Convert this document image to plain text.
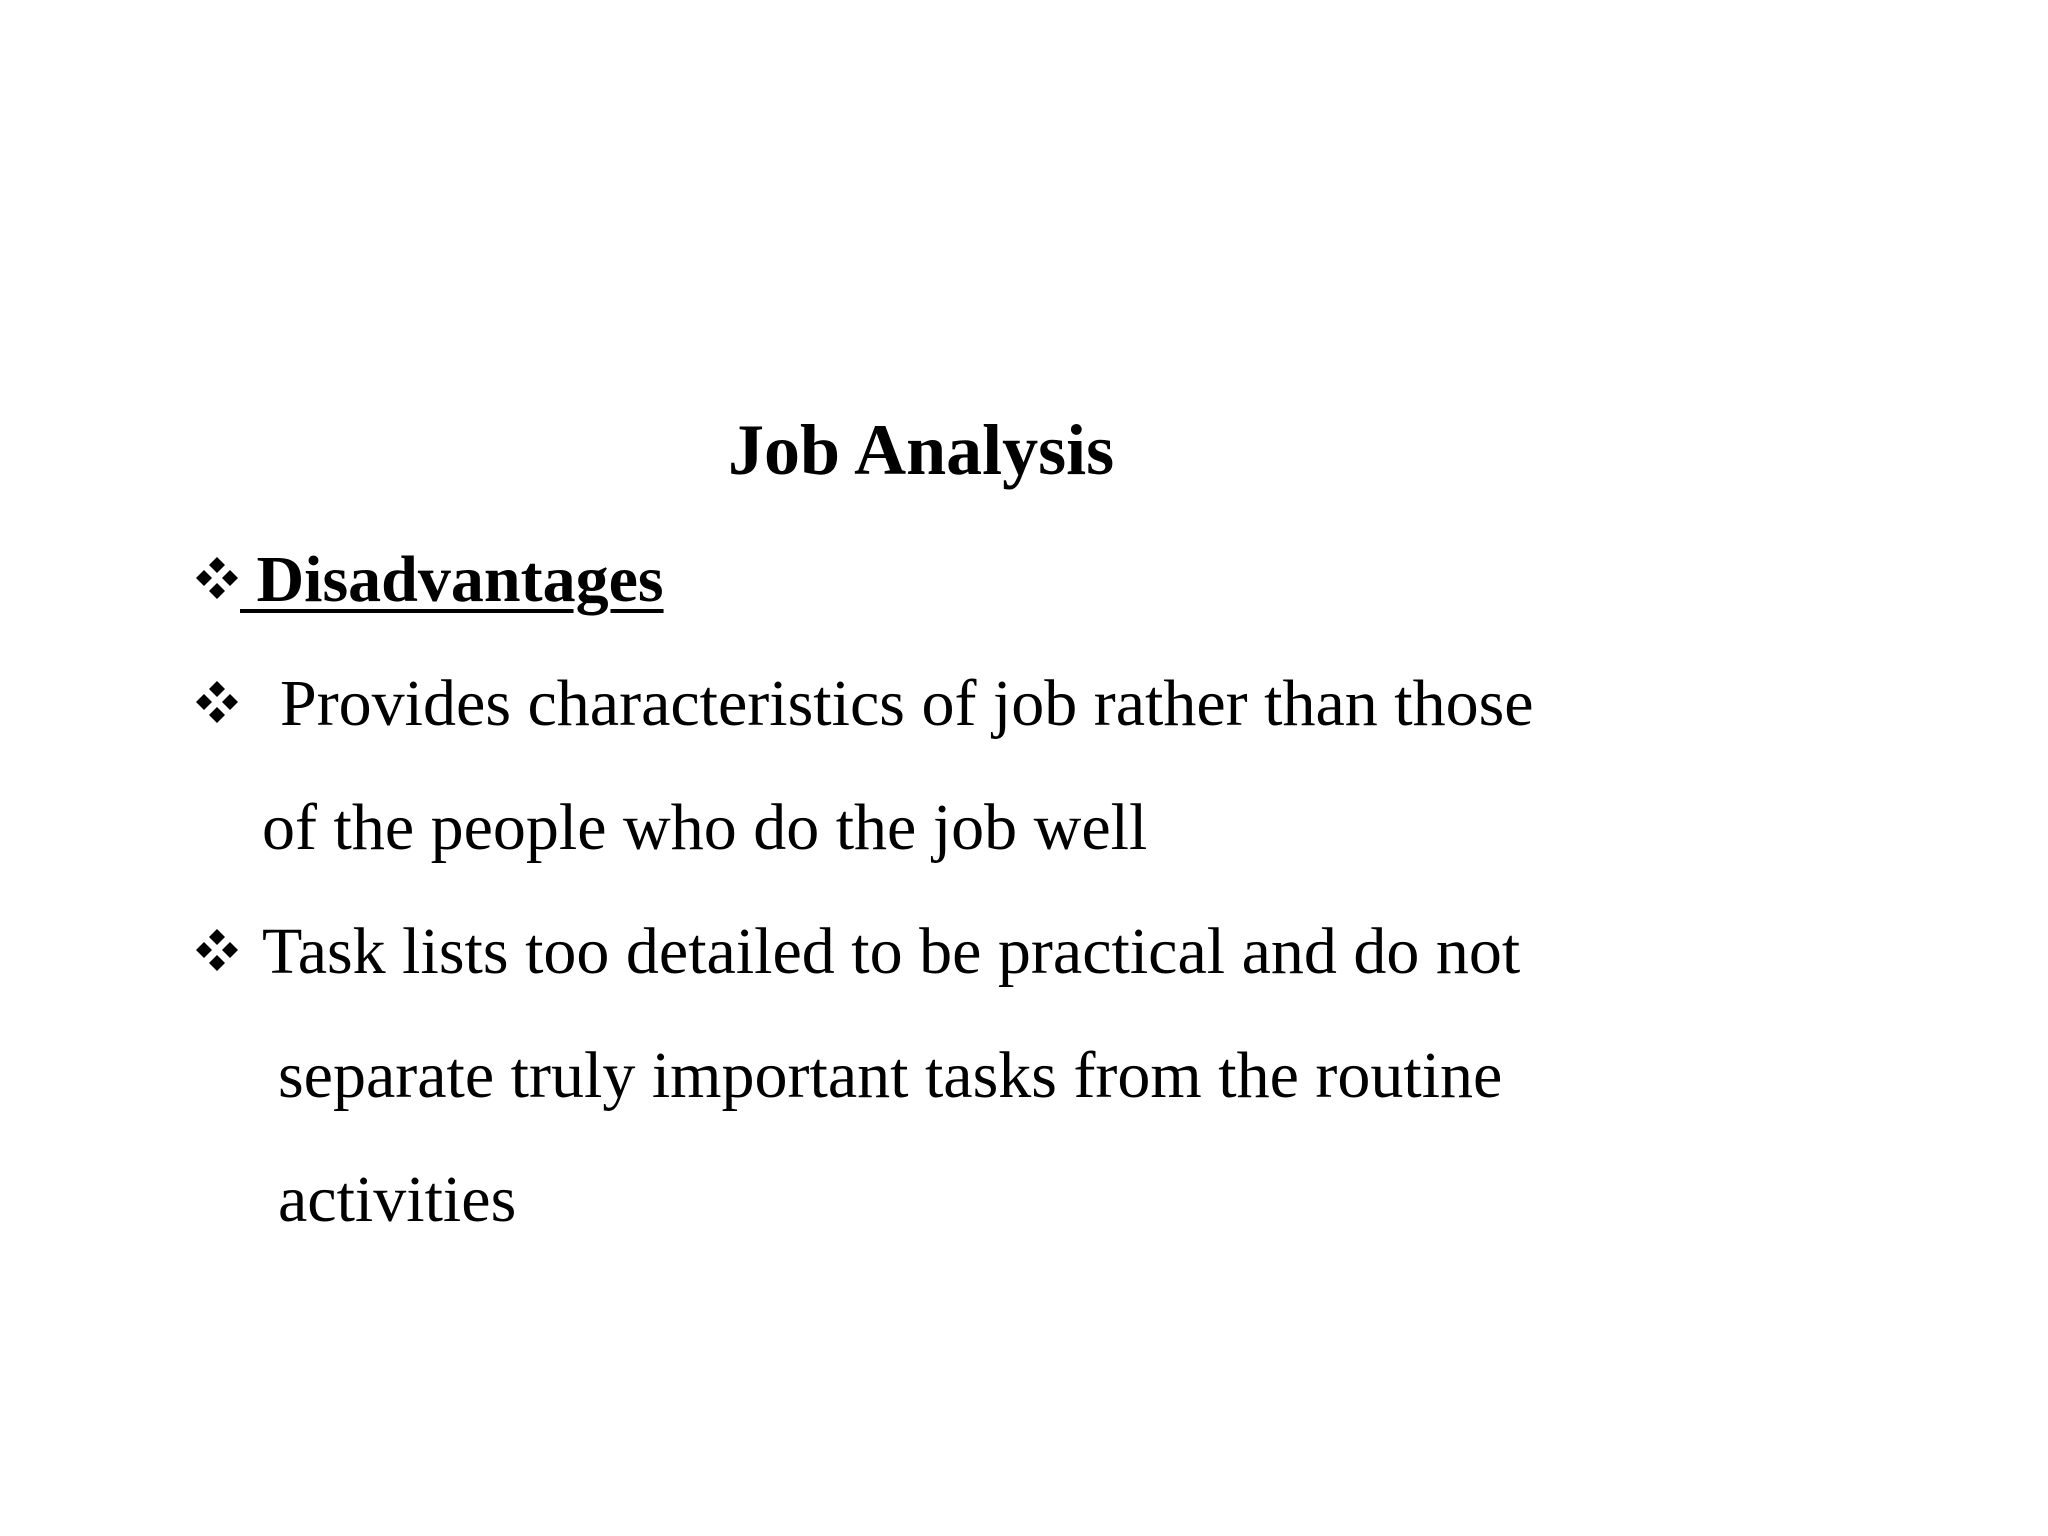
Job Analysis
Disadvantages
Provides characteristics of job rather than those
of the people who do the job well
Task lists too detailed to be practical and do not
separate truly important tasks from the routine
activities
